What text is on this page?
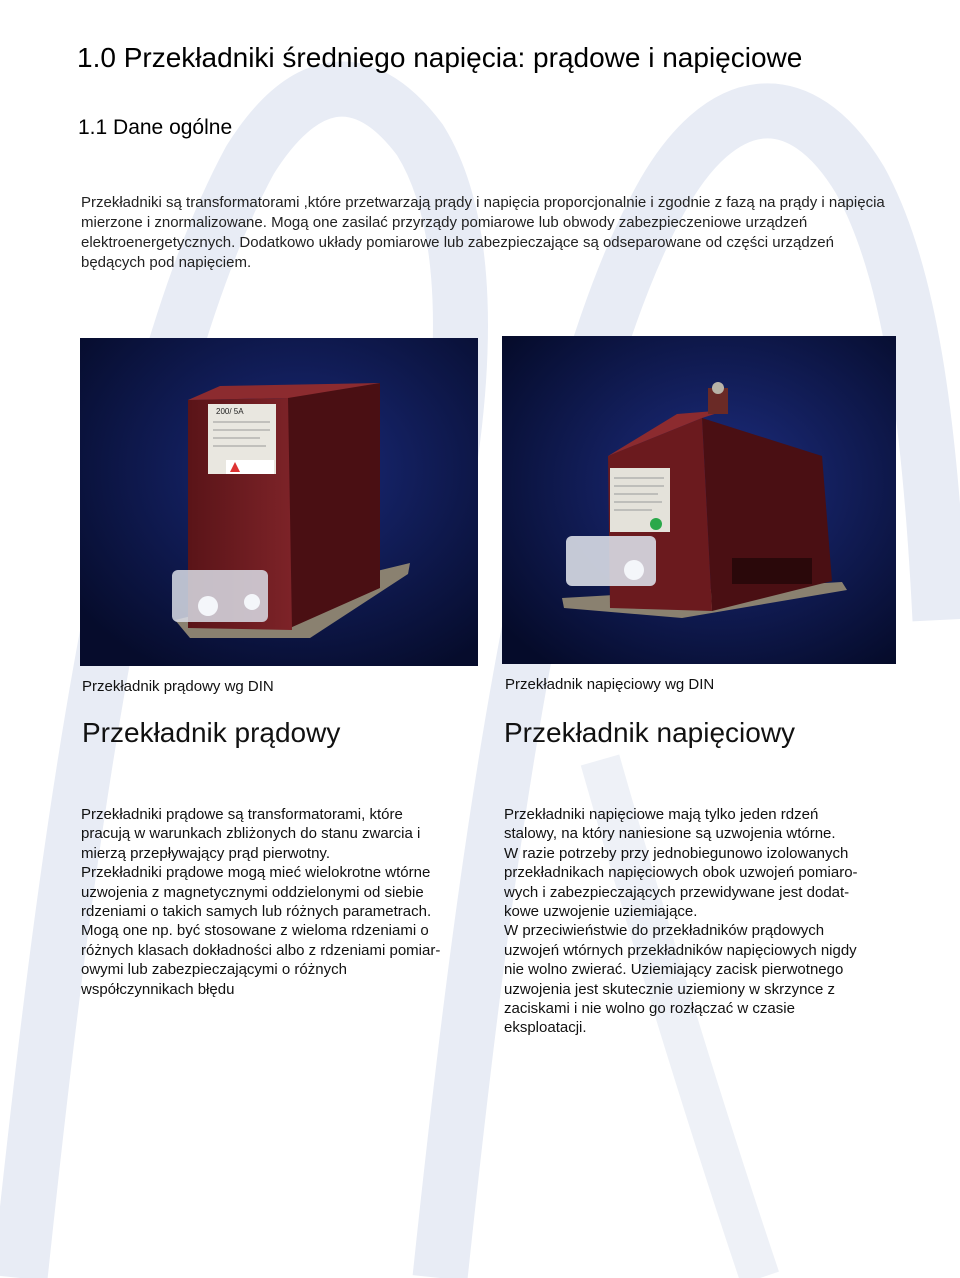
1.0 Przekładniki średniego napięcia: prądowe i napięciowe
1.1 Dane ogólne

Przekładniki są transformatorami ,które przetwarzają prądy i napięcia proporcjonalnie i zgodnie z fazą na prądy i napięcia mierzone i znormalizowane. Mogą one zasilać przyrządy pomiarowe lub obwody zabezpieczeniowe urządzeń elektroenergetycznych. Dodatkowo układy pomiarowe lub zabezpieczające są odseparowane od części urządzeń będących pod napięciem.

200/ 5A

Przekładnik prądowy wg DIN

Przekładnik prądowy
Przekładniki prądowe są transformatorami, które
pracują w warunkach zbliżonych do stanu zwarcia i
mierzą przepływający prąd pierwotny.
Przekładniki prądowe mogą mieć wielokrotne wtórne
uzwojenia z magnetycznymi oddzielonymi od siebie
rdzeniami o takich samych lub różnych parametrach.
Mogą one np. być stosowane z wieloma rdzeniami o
różnych klasach dokładności albo z rdzeniami pomiar-
owymi lub zabezpieczającymi o różnych
współczynnikach błędu

Przekładnik napięciowy wg DIN

Przekładnik napięciowy
Przekładniki napięciowe mają tylko jeden rdzeń
stalowy, na który naniesione są uzwojenia wtórne.
W razie potrzeby przy jednobiegunowo izolowanych
przekładnikach napięciowych obok uzwojeń pomiaro-
wych i zabezpieczających przewidywane jest dodat-
kowe uzwojenie uziemiające.
W przeciwieństwie do przekładników prądowych
uzwojeń wtórnych przekładników napięciowych nigdy
nie wolno zwierać. Uziemiający zacisk pierwotnego
uzwojenia jest skutecznie uziemiony w skrzynce z
zaciskami i nie wolno go rozłączać w czasie
eksploatacji.
